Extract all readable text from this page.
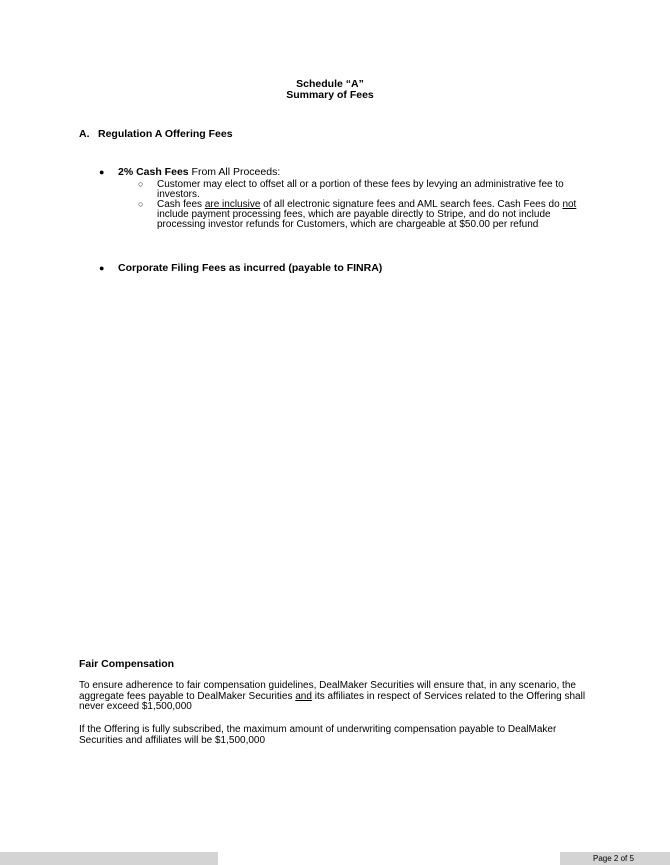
Schedule “A”
Summary of Fees
A. Regulation A Offering Fees
● 2% Cash Fees From All Proceeds:
○ Customer may elect to offset all or a portion of these fees by levying an administrative fee to investors.
○ Cash fees are inclusive of all electronic signature fees and AML search fees. Cash Fees do not include payment processing fees, which are payable directly to Stripe, and do not include processing investor refunds for Customers, which are chargeable at $50.00 per refund
● Corporate Filing Fees as incurred (payable to FINRA)
Fair Compensation
To ensure adherence to fair compensation guidelines, DealMaker Securities will ensure that, in any scenario, the aggregate fees payable to DealMaker Securities and its affiliates in respect of Services related to the Offering shall never exceed $1,500,000
If the Offering is fully subscribed, the maximum amount of underwriting compensation payable to DealMaker Securities and affiliates will be $1,500,000
Page 2 of 5
